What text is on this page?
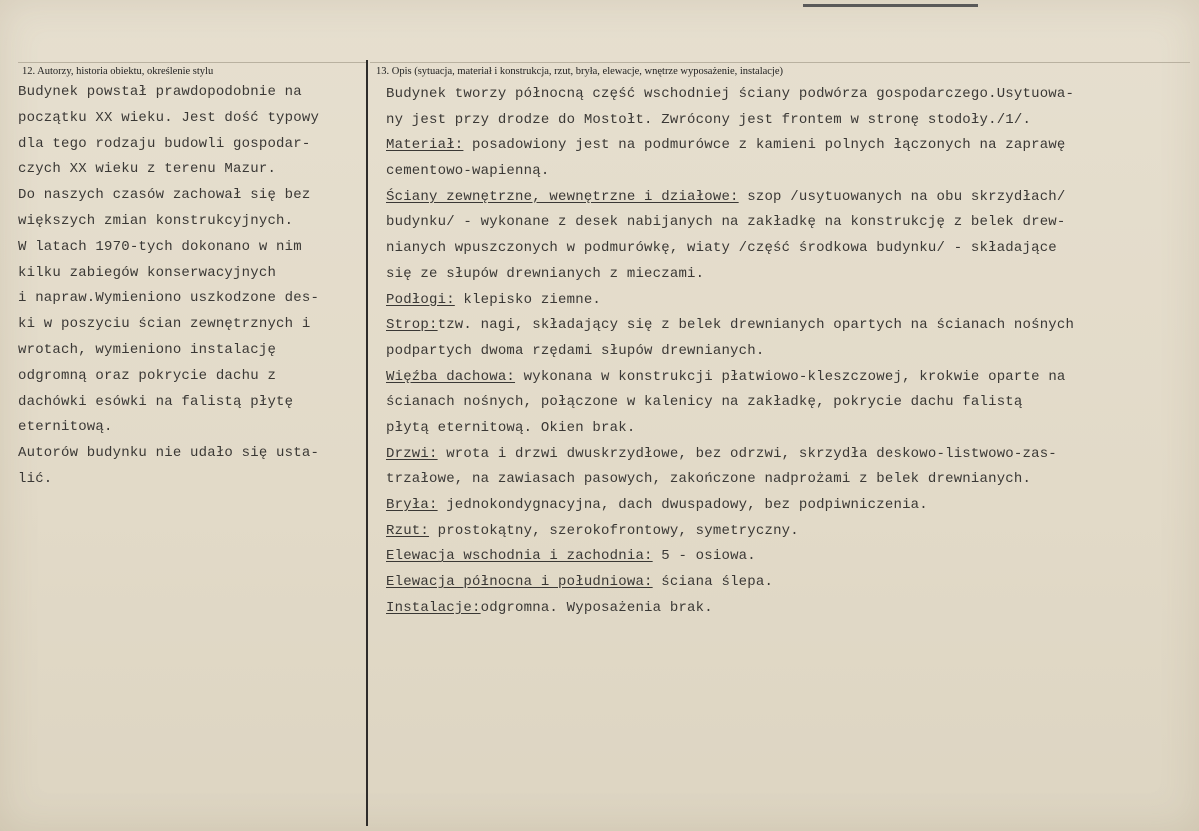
12. Autorzy, historia obiektu, określenie stylu	13. Opis (sytuacja, materiał i konstrukcja, rzut, bryła, elewacje, wnętrze wyposażenie, instalacje)
Budynek powstał prawdopodobnie na
początku XX wieku. Jest dość typowy
dla tego rodzaju budowli gospodar-
czych XX wieku z terenu Mazur.
Do naszych czasów zachował się bez
większych zmian konstrukcyjnych.
W latach 1970-tych dokonano w nim
kilku zabiegów konserwacyjnych
i napraw.Wymieniono uszkodzone des-
ki w poszyciu ścian zewnętrznych i
wrotach, wymieniono instalację
odgromną oraz pokrycie dachu z
dachówki esówki na falistą płytę
eternitową.
Autorów budynku nie udało się usta-
lić.
Budynek tworzy północną część wschodniej ściany podwórza gospodarczego.Usytuowa-
ny jest przy drodze do Mostołt. Zwrócony jest frontem w stronę stodoły./1/.
Materiał: posadowiony jest na podmurówce z kamieni polnych łączonych na zaprawę
cementowo-wapienną.
Ściany zewnętrzne, wewnętrzne i działowe: szop /usytuowanych na obu skrzydłach/
budynku/ - wykonane z desek nabijanych na zakładkę na konstrukcję z belek drew-
nianych wpuszczonych w podmurówkę, wiaty /część środkowa budynku/ - składające
się ze słupów drewnianych z mieczami.
Podłogi: klepisko ziemne.
Strop:tzw. nagi, składający się z belek drewnianych opartych na ścianach nośnych
podpartych dwoma rzędami słupów drewnianych.
Więźba dachowa: wykonana w konstrukcji płatwiowo-kleszczowej, krokwie oparte na
ścianach nośnych, połączone w kalenicy na zakładkę, pokrycie dachu falistą
płytą eternitową. Okien brak.
Drzwi: wrota i drzwi dwuskrzydłowe, bez odrzwi, skrzydła deskowo-listwowo-zas-
trzałowe, na zawiasach pasowych, zakończone nadprożami z belek drewnianych.
Bryła: jednokondygnacyjna, dach dwuspadowy, bez podpiwniczenia.
Rzut: prostokątny, szerokofrontowy, symetryczny.
Elewacja wschodnia i zachodnia: 5 - osiowa.
Elewacja północna i południowa: ściana ślepa.
Instalacje:odgromna. Wyposażenia brak.
